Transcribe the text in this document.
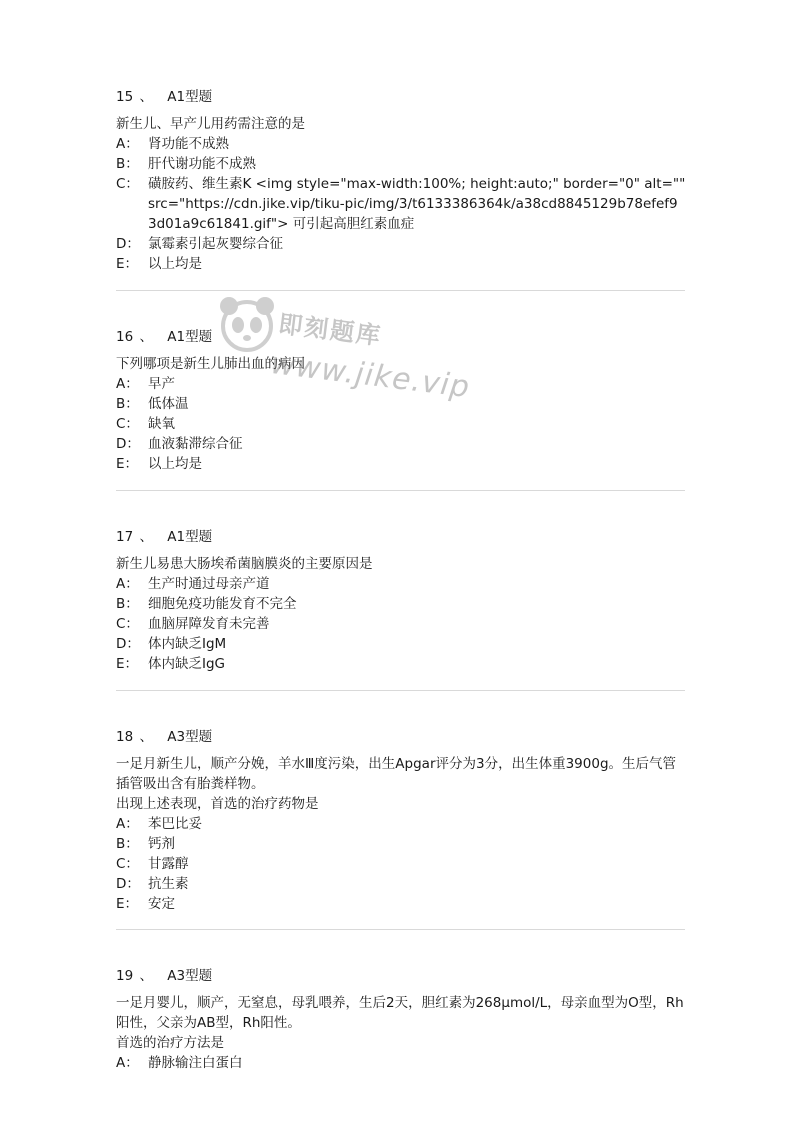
15 、 A1型题
新生儿、早产儿用药需注意的是
A： 肾功能不成熟
B： 肝代谢功能不成熟
C： 磺胺药、维生素K <img style="max-width:100%; height:auto;" border="0" alt="" src="https://cdn.jike.vip/tiku-pic/img/3/t6133386364k/a38cd8845129b78efef93d01a9c61841.gif"> 可引起高胆红素血症
D： 氯霉素引起灰婴综合征
E： 以上均是
16 、 A1型题
下列哪项是新生儿肺出血的病因
A： 早产
B： 低体温
C： 缺氧
D： 血液黏滞综合征
E： 以上均是
17 、 A1型题
新生儿易患大肠埃希菌脑膜炎的主要原因是
A： 生产时通过母亲产道
B： 细胞免疫功能发育不完全
C： 血脑屏障发育未完善
D： 体内缺乏IgM
E： 体内缺乏IgG
18 、 A3型题
一足月新生儿，顺产分娩，羊水Ⅲ度污染，出生Apgar评分为3分，出生体重3900g。生后气管插管吸出含有胎粪样物。
出现上述表现，首选的治疗药物是
A： 苯巴比妥
B： 钙剂
C： 甘露醇
D： 抗生素
E： 安定
19 、 A3型题
一足月婴儿，顺产，无窒息，母乳喂养，生后2天，胆红素为268μmol/L，母亲血型为O型，Rh阳性，父亲为AB型，Rh阳性。
首选的治疗方法是
A： 静脉输注白蛋白
即刻题库
www.jike.vip
